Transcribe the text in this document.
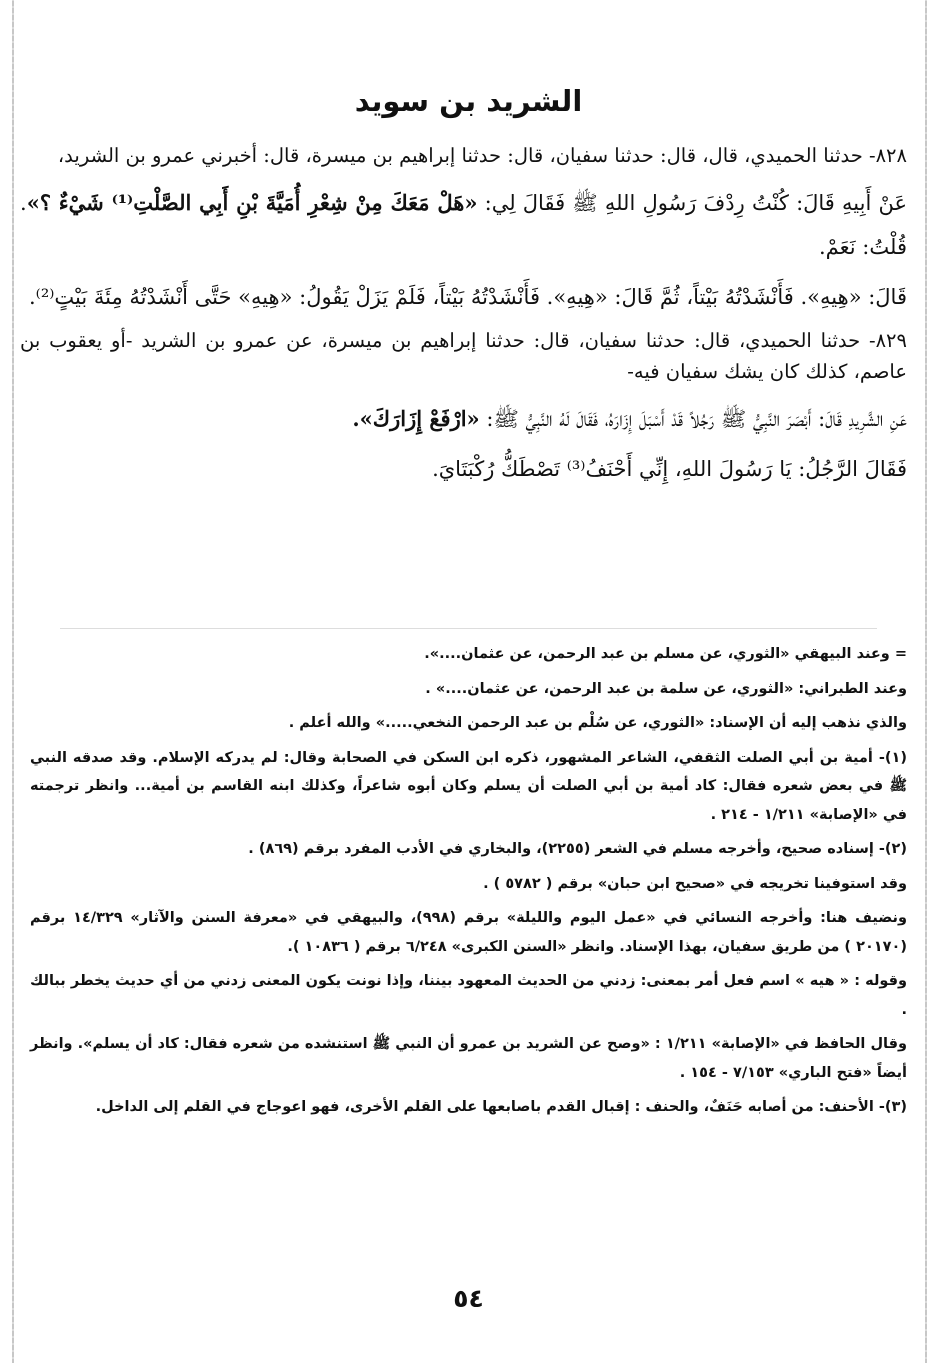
الشريد بن سويد

٨٢٨- حدثنا الحميدي، قال، قال: حدثنا سفيان، قال: حدثنا إبراهيم بن ميسرة، قال: أخبرني عمرو بن الشريد،

عَنْ أَبِيهِ قَالَ: كُنْتُ رِدْفَ رَسُولِ اللهِ ﷺ فَقَالَ لِي: «هَلْ مَعَكَ مِنْ شِعْرِ أُمَيَّةَ بْنِ أَبِي الصَّلْتِ⁽¹⁾ شَيْءٌ ؟». قُلْتُ: نَعَمْ.

قَالَ: «هِيهِ». فَأَنْشَدْتُهُ بَيْتاً، ثُمَّ قَالَ: «هِيهِ». فَأَنْشَدْتُهُ بَيْتاً، فَلَمْ يَزَلْ يَقُولُ: «هِيهِ» حَتَّى أَنْشَدْتُهُ مِئَةَ بَيْتٍ⁽²⁾.

٨٢٩- حدثنا الحميدي، قال: حدثنا سفيان، قال: حدثنا إبراهيم بن ميسرة، عن عمرو بن الشريد -أو يعقوب بن عاصم، كذلك كان يشك سفيان فيه-

عَنِ الشَّرِيدِ قَالَ: أَبْصَرَ النَّبِيُّ ﷺ رَجُلاً قَدْ أَسْبَلَ إِزَارَهُ، فَقَالَ لَهُ النَّبِيُّ ﷺ: «ارْفَعْ إِزَارَكَ».

فَقَالَ الرَّجُلُ: يَا رَسُولَ اللهِ، إِنِّي أَحْنَفُ⁽³⁾ تَصْطَكُّ رُكْبَتَايَ.

= وعند البيهقي «الثوري، عن مسلم بن عبد الرحمن، عن عثمان....».

وعند الطبراني: «الثوري، عن سلمة بن عبد الرحمن، عن عثمان....» .

والذي نذهب إليه أن الإسناد: «الثوري، عن سُلْم بن عبد الرحمن النخعي.....» والله أعلم .

(١)- أمية بن أبي الصلت الثقفي، الشاعر المشهور، ذكره ابن السكن في الصحابة وقال: لم يدركه الإسلام. وقد صدقه النبي ﷺ في بعض شعره فقال: كاد أمية بن أبي الصلت أن يسلم وكان أبوه شاعراً، وكذلك ابنه القاسم بن أمية... وانظر ترجمته في «الإصابة» ١/٢١١ - ٢١٤ .

(٢)- إسناده صحيح، وأخرجه مسلم في الشعر (٢٢٥٥)، والبخاري في الأدب المفرد برقم (٨٦٩) .

وقد استوفينا تخريجه في «صحيح ابن حبان» برقم ( ٥٧٨٢ ) .

ونضيف هنا: وأخرجه النسائي في «عمل اليوم والليلة» برقم (٩٩٨)، والبيهقي في «معرفة السنن والآثار» ١٤/٣٢٩ برقم (٢٠١٧٠ ) من طريق سفيان، بهذا الإسناد. وانظر «السنن الكبرى» ٦/٢٤٨ برقم ( ١٠٨٣٦ ).

وقوله : « هيه » اسم فعل أمر بمعنى: زدني من الحديث المعهود بيننا، وإذا نونت يكون المعنى زدني من أي حديث يخطر ببالك .

وقال الحافظ في «الإصابة» ١/٢١١ : «وصح عن الشريد بن عمرو أن النبي ﷺ استنشده من شعره فقال: كاد أن يسلم». وانظر أيضاً «فتح الباري» ٧/١٥٣ - ١٥٤ .

(٣)- الأحنف: من أصابه حَنَفٌ، والحنف : إقبال القدم باصابعها على القلم الأخرى، فهو اعوجاج في القلم إلى الداخل.

٥٤
